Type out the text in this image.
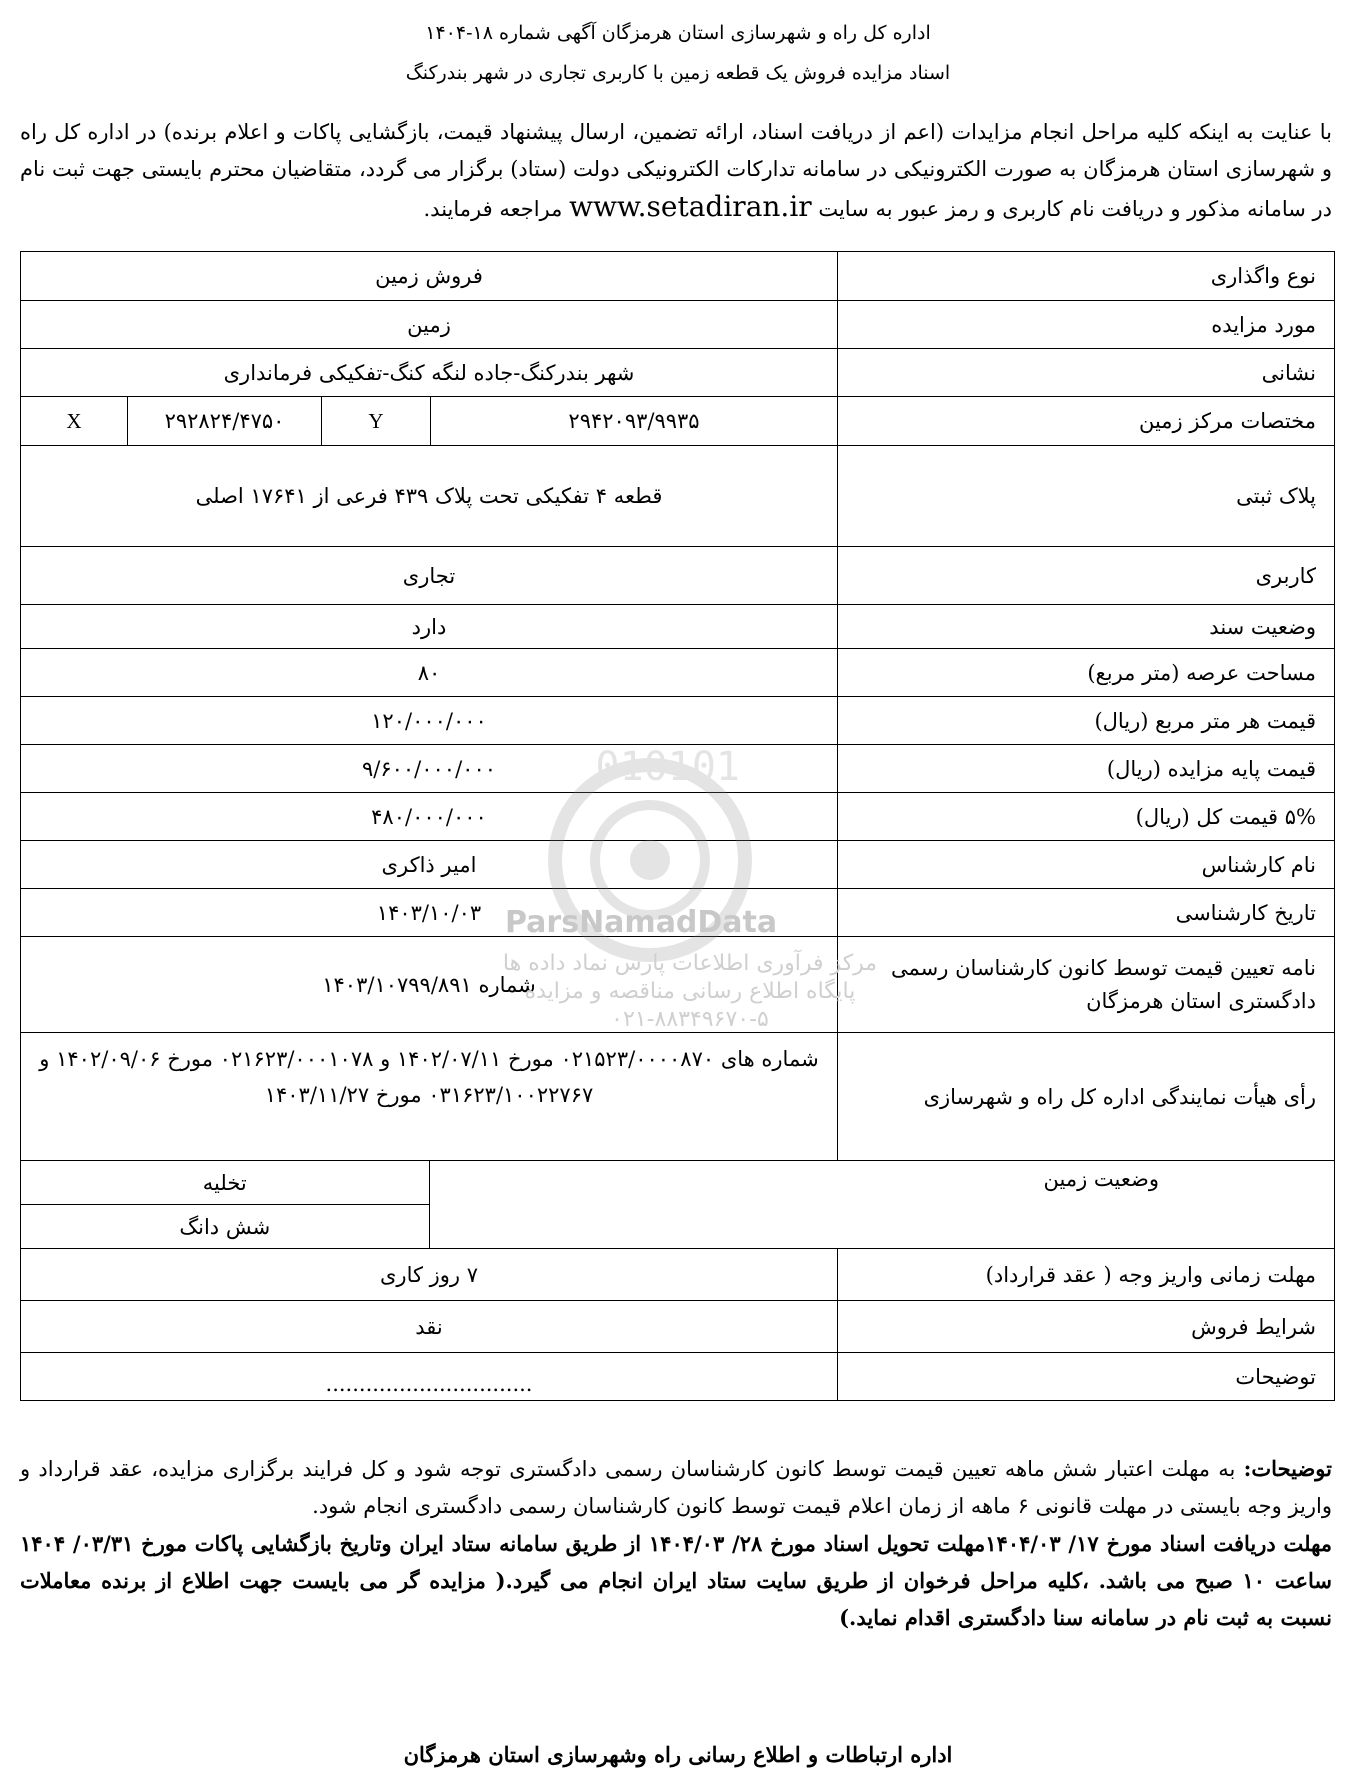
اداره کل راه و شهرسازی استان هرمزگان آگهی شماره ۱۸-۱۴۰۴
اسناد مزایده فروش یک قطعه زمین با کاربری تجاری در شهر بندرکنگ
با عنایت به اینکه کلیه مراحل انجام مزایدات (اعم از دریافت اسناد، ارائه تضمین، ارسال پیشنهاد قیمت، بازگشایی پاکات و اعلام برنده) در اداره کل راه و شهرسازی استان هرمزگان به صورت الکترونیکی در سامانه تدارکات الکترونیکی دولت (ستاد) برگزار می گردد، متقاضیان محترم بایستی جهت ثبت نام در سامانه مذکور و دریافت نام کاربری و رمز عبور به سایت www.setadiran.ir مراجعه فرمایند.
نوع واگذاری	فروش زمین
مورد مزایده	زمین
نشانی	شهر بندرکنگ-جاده لنگه کنگ-تفکیکی فرمانداری
مختصات مرکز زمین	
۲۹۴۲۰۹۳/۹۹۳۵	Y	۲۹۲۸۲۴/۴۷۵۰	X

پلاک ثبتی	قطعه ۴ تفکیکی تحت پلاک ۴۳۹ فرعی از ۱۷۶۴۱ اصلی
کاربری	تجاری
وضعیت سند	دارد
مساحت عرصه (متر مربع)	۸۰
قیمت هر متر مربع (ریال)	۱۲۰/۰۰۰/۰۰۰
قیمت پایه مزایده (ریال)	۹/۶۰۰/۰۰۰/۰۰۰
۵% قیمت کل (ریال)	۴۸۰/۰۰۰/۰۰۰
نام کارشناس	امیر ذاکری
تاریخ کارشناسی	۱۴۰۳/۱۰/۰۳
نامه تعیین قیمت توسط کانون کارشناسان رسمی دادگستری استان هرمزگان	شماره ۱۴۰۳/۱۰۷۹۹/۸۹۱
رأی هیأت نمایندگی اداره کل راه و شهرسازی	شماره های ۰۲۱۵۲۳/۰۰۰۰۸۷۰ مورخ ۱۴۰۲/۰۷/۱۱ و ۰۲۱۶۲۳/۰۰۰۱۰۷۸ مورخ ۱۴۰۲/۰۹/۰۶ و ۰۳۱۶۲۳/۱۰۰۲۲۷۶۷ مورخ ۱۴۰۳/۱۱/۲۷
وضعیت زمین	تخلیه
شش دانگ
مهلت زمانی واریز وجه ( عقد قرارداد)	۷ روز کاری
شرایط فروش	نقد
توضیحات	...............................
010101
ParsNamadData
مرکز فرآوری اطلاعات پارس نماد داده ها
پایگاه اطلاع رسانی مناقصه و مزایده
۰۲۱-۸۸۳۴۹۶۷۰-۵
توضیحات: به مهلت اعتبار شش ماهه تعیین قیمت توسط کانون کارشناسان رسمی دادگستری توجه شود و کل فرایند برگزاری مزایده، عقد قرارداد و واریز وجه بایستی در مهلت قانونی ۶ ماهه از زمان اعلام قیمت توسط کانون کارشناسان رسمی دادگستری انجام شود.
مهلت دریافت اسناد مورخ ۱۷/ ۱۴۰۴/۰۳مهلت تحویل اسناد مورخ ۲۸/ ۱۴۰۴/۰۳ از طریق سامانه ستاد ایران وتاریخ بازگشایی پاکات مورخ ۰۳/۳۱/ ۱۴۰۴ ساعت ۱۰ صبح می باشد. ،کلیه مراحل فرخوان از طریق سایت ستاد ایران انجام می گیرد.( مزایده گر می بایست جهت اطلاع از برنده معاملات نسبت به ثبت نام در سامانه سنا دادگستری اقدام نماید.)
اداره ارتباطات و اطلاع رسانی راه وشهرسازی استان هرمزگان
